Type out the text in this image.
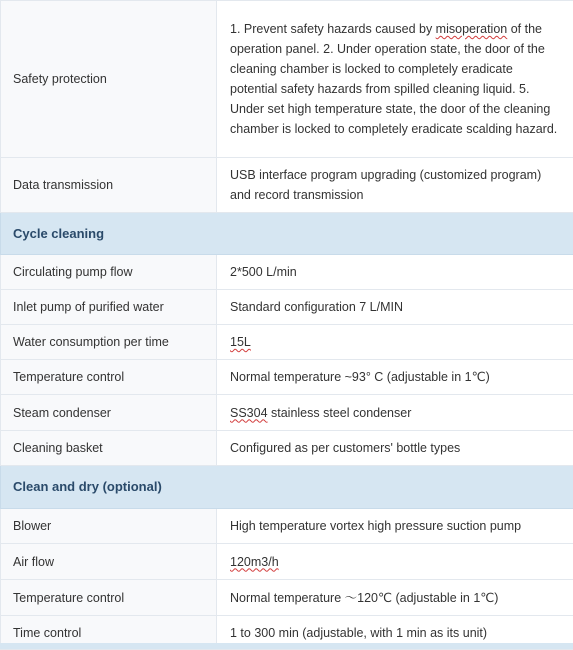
Safety protection	1. Prevent safety hazards caused by misoperation of the operation panel. 2. Under operation state, the door of the cleaning chamber is locked to completely eradicate potential safety hazards from spilled cleaning liquid. 5. Under set high temperature state, the door of the cleaning chamber is locked to completely eradicate scalding hazard.
Data transmission	USB interface program upgrading (customized program) and record transmission
Cycle cleaning	
Circulating pump flow	2*500 L/min
Inlet pump of purified water	Standard configuration 7 L/MIN
Water consumption per time	15L
Temperature control	Normal temperature ~93° C (adjustable in 1℃)
Steam condenser	SS304 stainless steel condenser
Cleaning basket	Configured as per customers' bottle types
Clean and dry (optional)	
Blower	High temperature vortex high pressure suction pump
Air flow	120m3/h
Temperature control	Normal temperature ～120℃ (adjustable in 1℃)
Time control	1 to 300 min (adjustable, with 1 min as its unit)
